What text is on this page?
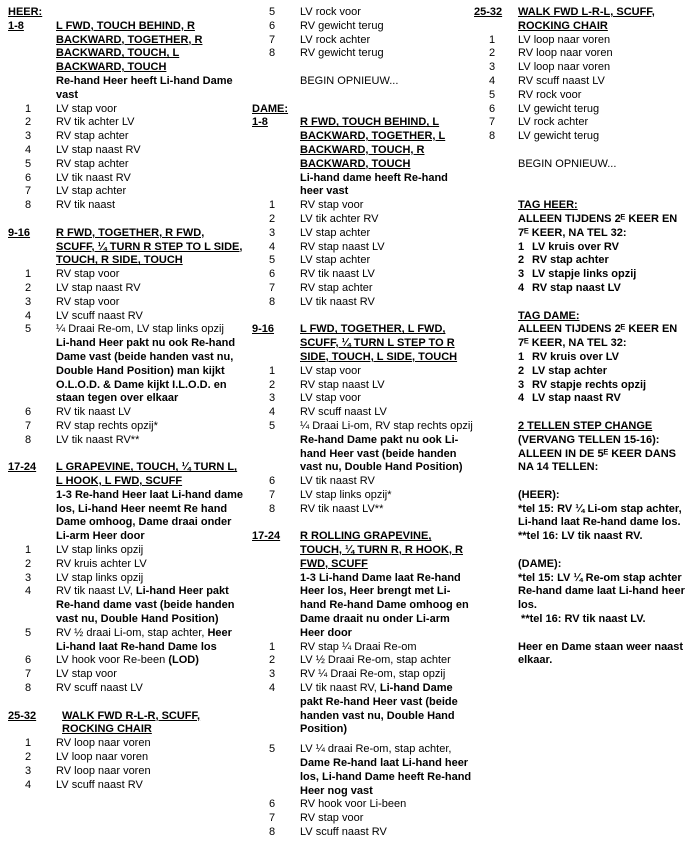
HEER:
1-8	L FWD, TOUCH BEHIND, R BACKWARD, TOGETHER, R BACKWARD, TOUCH, L BACKWARD, TOUCH
Re-hand Heer heeft Li-hand Dame vast
1	LV stap voor
2	RV tik achter LV
3	RV stap achter
4	LV stap naast RV
5	RV stap achter
6	LV tik naast RV
7	LV stap achter
8	RV tik naast
9-16	R FWD, TOGETHER, R FWD, SCUFF, ¼ TURN R STEP TO L SIDE, TOUCH, R SIDE, TOUCH
1	RV stap voor
2	LV stap naast RV
3	RV stap voor
4	LV scuff naast RV
5	¼ Draai Re-om, LV stap links opzij
Li-hand Heer pakt nu ook Re-hand Dame vast (beide handen vast nu, Double Hand Position) man kijkt O.L.O.D. & Dame kijkt I.L.O.D. en staan tegen over elkaar
6	RV tik naast LV
7	RV stap rechts opzij*
8	LV tik naast RV**
17-24	L GRAPEVINE, TOUCH, ¼ TURN L, L HOOK, L FWD, SCUFF
1-3 Re-hand Heer laat Li-hand dame los, Li-hand Heer neemt Re hand Dame omhoog, Dame draai onder Li-arm Heer door
1	LV stap links opzij
2	RV kruis achter LV
3	LV stap links opzij
4	RV tik naast LV, Li-hand Heer pakt
Re-hand dame vast (beide handen vast nu, Double Hand Position)
5	RV ½ draai Li-om, stap achter, Heer
Li-hand laat Re-hand Dame los
6	LV hook voor Re-been (LOD)
7	LV stap voor
8	RV scuff naast LV
25-32	WALK FWD R-L-R, SCUFF, ROCKING CHAIR
1	RV loop naar voren
2	LV loop naar voren
3	RV loop naar voren
4	LV scuff naast RV
5	LV rock voor
6	RV gewicht terug
7	LV rock achter
8	RV gewicht terug
BEGIN OPNIEUW...
DAME:
1-8	R FWD, TOUCH BEHIND, L BACKWARD, TOGETHER, L BACKWARD, TOUCH, R BACKWARD, TOUCH
Li-hand dame heeft Re-hand heer vast
1	RV stap voor
2	LV tik achter RV
3	LV stap achter
4	RV stap naast LV
5	LV stap achter
6	RV tik naast LV
7	RV stap achter
8	LV tik naast RV
9-16	L FWD, TOGETHER, L FWD, SCUFF, ¼ TURN L STEP TO R SIDE, TOUCH, L SIDE, TOUCH
1	LV stap voor
2	RV stap naast LV
3	LV stap voor
4	RV scuff naast LV
5	¼ Draai Li-om, RV stap rechts opzij
Re-hand Dame pakt nu ook Li-hand Heer vast (beide handen vast nu, Double Hand Position)
6	LV tik naast RV
7	LV stap links opzij*
8	RV tik naast LV**
17-24	R ROLLING GRAPEVINE, TOUCH, ¼ TURN R, R HOOK, R FWD, SCUFF
1-3 Li-hand Dame laat Re-hand Heer los, Heer brengt met Li-hand Re-hand Dame omhoog en Dame draait nu onder Li-arm Heer door
1	RV stap ¼ Draai Re-om
2	LV ½ Draai Re-om, stap achter
3	RV ¼ Draai Re-om, stap opzij
4	LV tik naast RV, Li-hand Dame
pakt Re-hand Heer vast (beide handen vast nu, Double Hand Position)
5	LV ¼ draai Re-om, stap achter,
Dame Re-hand laat Li-hand heer los, Li-hand Dame heeft Re-hand Heer nog vast
6	RV hook voor Li-been
7	RV stap voor
8	LV scuff naast RV
25-32	WALK FWD L-R-L, SCUFF, ROCKING CHAIR
1	LV loop naar voren
2	RV loop naar voren
3	LV loop naar voren
4	RV scuff naast LV
5	RV rock voor
6	LV gewicht terug
7	LV rock achter
8	LV gewicht terug
BEGIN OPNIEUW...
TAG HEER:
ALLEEN TIJDENS 2ᴱ KEER EN 7ᴱ KEER, NA TEL 32:
1 LV kruis over RV
2 RV stap achter
3 LV stapje links opzij
4 RV stap naast LV
TAG DAME:
ALLEEN TIJDENS 2ᴱ KEER EN 7ᴱ KEER, NA TEL 32:
1 RV kruis over LV
2 LV stap achter
3 RV stapje rechts opzij
4 LV stap naast RV
2 TELLEN STEP CHANGE
(VERVANG TELLEN 15-16): ALLEEN IN DE 5ᴱ KEER DANS NA 14 TELLEN:
(HEER):
*tel 15: RV ¼ Li-om stap achter, Li-hand laat Re-hand dame los.
**tel 16: LV tik naast RV.
(DAME):
*tel 15: LV ¼ Re-om stap achter Re-hand dame laat Li-hand heer los.
**tel 16: RV tik naast LV.
Heer en Dame staan weer naast elkaar.
